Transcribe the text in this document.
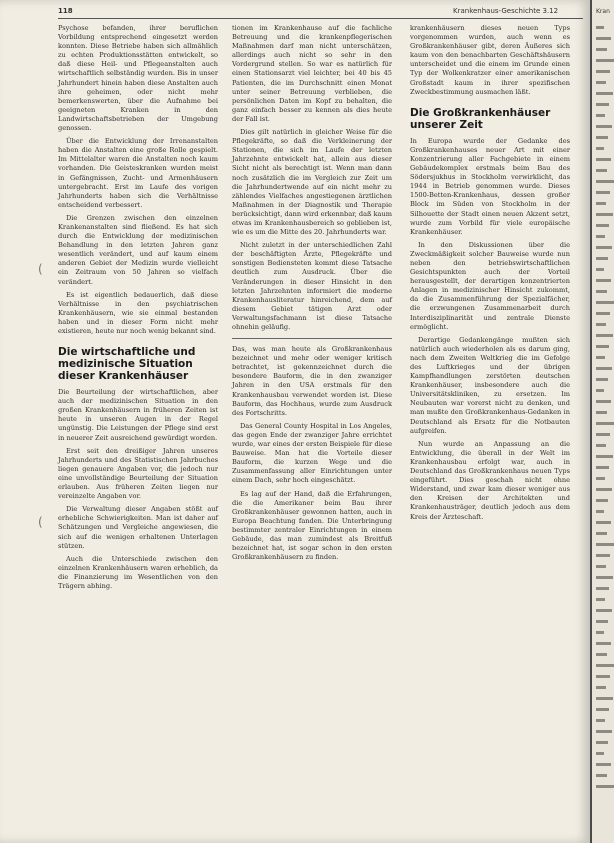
118	Krankenhaus-Geschichte 3.12
(
(

Psychose befanden, ihrer beruflichen Vorbildung entsprechend eingesetzt werden konnten. Diese Betriebe haben sich allmählich zu echten Produktionsstätten entwickelt, so daß diese Heil- und Pflegeanstalten auch wirtschaftlich selbständig wurden. Bis in unser Jahrhundert hinein haben diese Anstalten auch ihre geheimen, oder nicht mehr bemerkenswerten, über die Aufnahme bei geeigneten Kranken in den Landwirtschaftsbetrieben der Umgebung genossen.

Über die Entwicklung der Irrenanstalten haben die Anstalten eine große Rolle gespielt. Im Mittelalter waren die Anstalten noch kaum vorhanden. Die Geisteskranken wurden meist in Gefängnissen, Zucht- und Armenhäusern untergebracht. Erst im Laufe des vorigen Jahrhunderts haben sich die Verhältnisse entscheidend verbessert.

Die Grenzen zwischen den einzelnen Krankenanstalten sind fließend. Es hat sich durch die Entwicklung der medizinischen Behandlung in den letzten Jahren ganz wesentlich verändert, und auf kaum einem anderen Gebiet der Medizin wurde vielleicht ein Zeitraum von 50 Jahren so vielfach verändert.

Es ist eigentlich bedauerlich, daß diese Verhältnisse in den psychiatrischen Krankenhäusern, wie sie einmal bestanden haben und in dieser Form nicht mehr existieren, heute nur noch wenig bekannt sind.

Die wirtschaftliche und medizinische Situation dieser Krankenhäuser

Die Beurteilung der wirtschaftlichen, aber auch der medizinischen Situation in den großen Krankenhäusern in früheren Zeiten ist heute in unseren Augen in der Regel ungünstig. Die Leistungen der Pflege sind erst in neuerer Zeit ausreichend gewürdigt worden.

Erst seit den dreißiger Jahren unseres Jahrhunderts und des Statistischen Jahrbuches liegen genauere Angaben vor, die jedoch nur eine unvollständige Beurteilung der Situation erlauben. Aus früheren Zeiten liegen nur vereinzelte Angaben vor.

Die Verwaltung dieser Angaben stößt auf erhebliche Schwierigkeiten. Man ist daher auf Schätzungen und Vergleiche angewiesen, die sich auf die wenigen erhaltenen Unterlagen stützen.

Auch die Unterschiede zwischen den einzelnen Krankenhäusern waren erheblich, da die Finanzierung im Wesentlichen von den Trägern abhing.

tionen im Krankenhause auf die fachliche Betreuung und die krankenpflegerischen Maßnahmen darf man nicht unterschätzen, allerdings auch nicht so sehr in den Vordergrund stellen. So war es natürlich für einen Stationsarzt viel leichter, bei 40 bis 45 Patienten, die im Durchschnitt einen Monat unter seiner Betreuung verblieben, die persönlichen Daten im Kopf zu behalten, die ganz einfach besser zu kennen als dies heute der Fall ist.

Dies gilt natürlich in gleicher Weise für die Pflegekräfte, so daß die Verkleinerung der Stationen, die sich im Laufe der letzten Jahrzehnte entwickelt hat, allein aus dieser Sicht nicht als berechtigt ist. Wenn man dann noch zusätzlich die im Vergleich zur Zeit um die Jahrhundertwende auf ein nicht mehr zu zählendes Vielfaches angestiegenen ärztlichen Maßnahmen in der Diagnostik und Therapie berücksichtigt, dann wird erkennbar, daß kaum etwas im Krankenhausbereich so geblieben ist, wie es um die Mitte des 20. Jahrhunderts war.

Nicht zuletzt in der unterschiedlichen Zahl der beschäftigten Ärzte, Pflegekräfte und sonstigen Bediensteten kommt diese Tatsache deutlich zum Ausdruck. Über die Veränderungen in dieser Hinsicht in den letzten Jahrzehnten informiert die moderne Krankenhausliteratur hinreichend, dem auf diesem Gebiet tätigen Arzt oder Verwaltungsfachmann ist diese Tatsache ohnehin geläufig.

Das, was man heute als Großkrankenhaus bezeichnet und mehr oder weniger kritisch betrachtet, ist gekennzeichnet durch die besondere Bauform, die in den zwanziger Jahren in den USA erstmals für den Krankenhausbau verwendet worden ist. Diese Bauform, das Hochhaus, wurde zum Ausdruck des Fortschritts.

Das General County Hospital in Los Angeles, das gegen Ende der zwanziger Jahre errichtet wurde, war eines der ersten Beispiele für diese Bauweise. Man hat die Vorteile dieser Bauform, die kurzen Wege und die Zusammenfassung aller Einrichtungen unter einem Dach, sehr hoch eingeschätzt.

Es lag auf der Hand, daß die Erfahrungen, die die Amerikaner beim Bau ihrer Großkrankenhäuser gewonnen hatten, auch in Europa Beachtung fanden. Die Unterbringung bestimmter zentraler Einrichtungen in einem Gebäude, das man zumindest als Breitfuß bezeichnet hat, ist sogar schon in den ersten Großkrankenhäusern zu finden.

krankenhäusern dieses neuen Typs vorgenommen wurden, auch wenn es Großkrankenhäuser gibt, deren Äußeres sich kaum von den benachbarten Geschäftshäusern unterscheidet und die einem im Grunde einen Typ der Wolkenkratzer einer amerikanischen Großstadt kaum in ihrer spezifischen Zweckbestimmung ausmachen läßt.

Die Großkrankenhäuser unserer Zeit

In Europa wurde der Gedanke des Großkrankenhauses neuer Art mit einer Konzentrierung aller Fachgebiete in einem Gebäudekomplex erstmals beim Bau des Södersjukhus in Stockholm verwirklicht, das 1944 in Betrieb genommen wurde. Dieses 1500-Betten-Krankenhaus, dessen großer Block im Süden von Stockholm in der Silhouette der Stadt einen neuen Akzent setzt, wurde zum Vorbild für viele europäische Krankenhäuser.

In den Diskussionen über die Zweckmäßigkeit solcher Bauweise wurde nun neben den betriebswirtschaftlichen Gesichtspunkten auch der Vorteil herausgestellt, der derartigen konzentrierten Anlagen in medizinischer Hinsicht zukommt, da die Zusammenführung der Spezialfächer, die erzwungenen Zusammenarbeit durch Interdisziplinarität und zentrale Dienste ermöglicht.

Derartige Gedankengänge mußten sich natürlich auch wiederholen als es darum ging, nach dem Zweiten Weltkrieg die im Gefolge des Luftkrieges und der übrigen Kampfhandlungen zerstörten deutschen Krankenhäuser, insbesondere auch die Universitätskliniken, zu ersetzen. Im Neubauten war vorerst nicht zu denken, und man mußte den Großkrankenhaus-Gedanken in Deutschland als Ersatz für die Notbauten aufgreifen.

Nun wurde an Anpassung an die Entwicklung, die überall in der Welt im Krankenhausbau erfolgt war, auch in Deutschland das Großkrankenhaus neuen Typs eingeführt. Dies geschah nicht ohne Widerstand, und zwar kam dieser weniger aus den Kreisen der Architekten und Krankenhausträger, deutlich jedoch aus dem Kreis der Ärzteschaft.

Kran
